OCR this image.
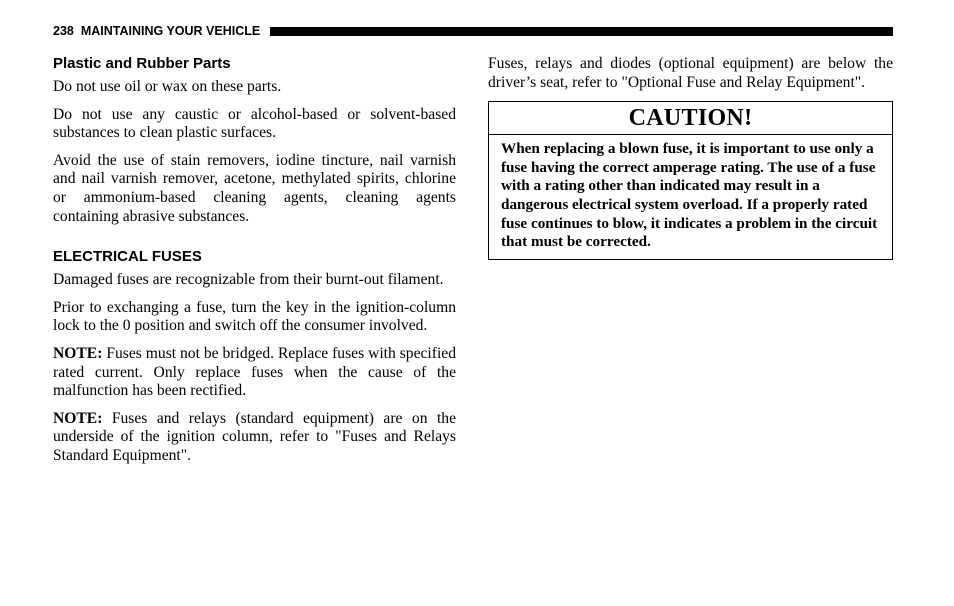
238 MAINTAINING YOUR VEHICLE
Plastic and Rubber Parts

Do not use oil or wax on these parts.

Do not use any caustic or alcohol-based or solvent-based substances to clean plastic surfaces.

Avoid the use of stain removers, iodine tincture, nail varnish and nail varnish remover, acetone, methylated spirits, chlorine or ammonium-based cleaning agents, cleaning agents containing abrasive substances.

ELECTRICAL FUSES

Damaged fuses are recognizable from their burnt-out filament.

Prior to exchanging a fuse, turn the key in the ignition-column lock to the 0 position and switch off the consumer involved.

NOTE: Fuses must not be bridged. Replace fuses with specified rated current. Only replace fuses when the cause of the malfunction has been rectified.

NOTE: Fuses and relays (standard equipment) are on the underside of the ignition column, refer to "Fuses and Relays Standard Equipment".

Fuses, relays and diodes (optional equipment) are below the driver’s seat, refer to "Optional Fuse and Relay Equipment".

CAUTION!
When replacing a blown fuse, it is important to use only a fuse having the correct amperage rating. The use of a fuse with a rating other than indicated may result in a dangerous electrical system overload. If a properly rated fuse continues to blow, it indicates a problem in the circuit that must be corrected.
